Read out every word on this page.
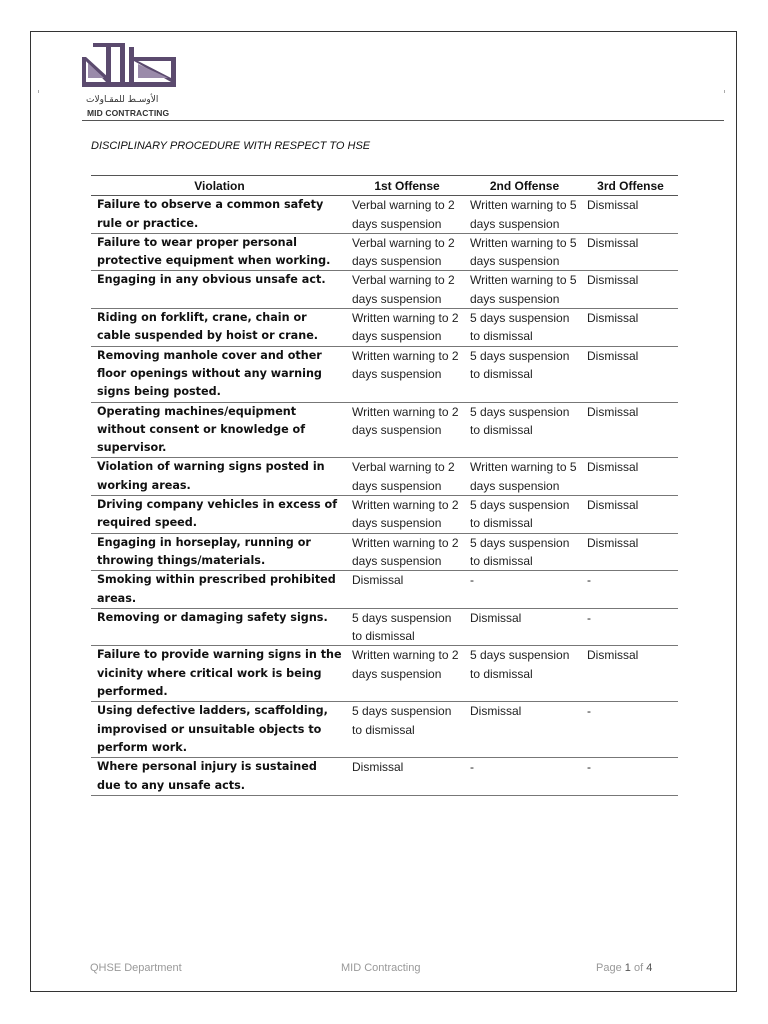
الأوسـط للمقـاولات
MID CONTRACTING
DISCIPLINARY PROCEDURE WITH RESPECT TO HSE
Violation	1st Offense	2nd Offense	3rd Offense
Failure to observe a common safety rule or practice.	Verbal warning to 2 days suspension	Written warning to 5 days suspension	Dismissal
Failure to wear proper personal protective equipment when working.	Verbal warning to 2 days suspension	Written warning to 5 days suspension	Dismissal
Engaging in any obvious unsafe act.	Verbal warning to 2 days suspension	Written warning to 5 days suspension	Dismissal
Riding on forklift, crane, chain or cable suspended by hoist or crane.	Written warning to 2 days suspension	5 days suspension to dismissal	Dismissal
Removing manhole cover and other floor openings without any warning signs being posted.	Written warning to 2 days suspension	5 days suspension to dismissal	Dismissal
Operating machines/equipment without consent or knowledge of supervisor.	Written warning to 2 days suspension	5 days suspension to dismissal	Dismissal
Violation of warning signs posted in working areas.	Verbal warning to 2 days suspension	Written warning to 5 days suspension	Dismissal
Driving company vehicles in excess of required speed.	Written warning to 2 days suspension	5 days suspension to dismissal	Dismissal
Engaging in horseplay, running or throwing things/materials.	Written warning to 2 days suspension	5 days suspension to dismissal	Dismissal
Smoking within prescribed prohibited areas.	Dismissal	-	-
Removing or damaging safety signs.	5 days suspension to dismissal	Dismissal	-
Failure to provide warning signs in the vicinity where critical work is being performed.	Written warning to 2 days suspension	5 days suspension to dismissal	Dismissal
Using defective ladders, scaffolding, improvised or unsuitable objects to perform work.	5 days suspension to dismissal	Dismissal	-
Where personal injury is sustained due to any unsafe acts.	Dismissal	-	-
QHSE Department	MID Contracting	Page 1 of 4
